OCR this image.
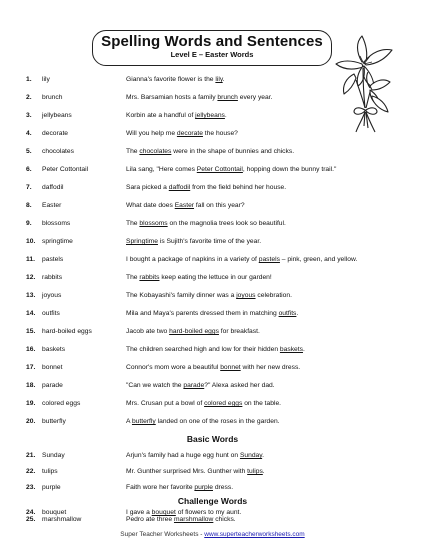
Spelling Words and Sentences
Level E – Easter Words
1.	lily	Gianna's favorite flower is the lily.
2.	brunch	Mrs. Barsamian hosts a family brunch every year.
3.	jellybeans	Korbin ate a handful of jellybeans.
4.	decorate	Will you help me decorate the house?
5.	chocolates	The chocolates were in the shape of bunnies and chicks.
6.	Peter Cottontail	Lila sang, "Here comes Peter Cottontail, hopping down the bunny trail."
7.	daffodil	Sara picked a daffodil from the field behind her house.
8.	Easter	What date does Easter fall on this year?
9.	blossoms	The blossoms on the magnolia trees look so beautiful.
10.	springtime	Springtime is Sujith's favorite time of the year.
11.	pastels	I bought a package of napkins in a variety of pastels – pink, green, and yellow.
12.	rabbits	The rabbits keep eating the lettuce in our garden!
13.	joyous	The Kobayashi's family dinner was a joyous celebration.
14.	outfits	Mila and Maya's parents dressed them in matching outfits.
15.	hard-boiled eggs	Jacob ate two hard-boiled eggs for breakfast.
16.	baskets	The children searched high and low for their hidden baskets.
17.	bonnet	Connor's mom wore a beautiful bonnet with her new dress.
18.	parade	"Can we watch the parade?" Alexa asked her dad.
19.	colored eggs	Mrs. Crusan put a bowl of colored eggs on the table.
20.	butterfly	A butterfly landed on one of the roses in the garden.
Basic Words
21.	Sunday	Arjun's family had a huge egg hunt on Sunday.
22.	tulips	Mr. Gunther surprised Mrs. Gunther with tulips.
23.	purple	Faith wore her favorite purple dress.
Challenge Words
24.	bouquet	I gave a bouquet of flowers to my aunt.
25.	marshmallow	Pedro ate three marshmallow chicks.
Super Teacher Worksheets - www.superteacherworksheets.com
